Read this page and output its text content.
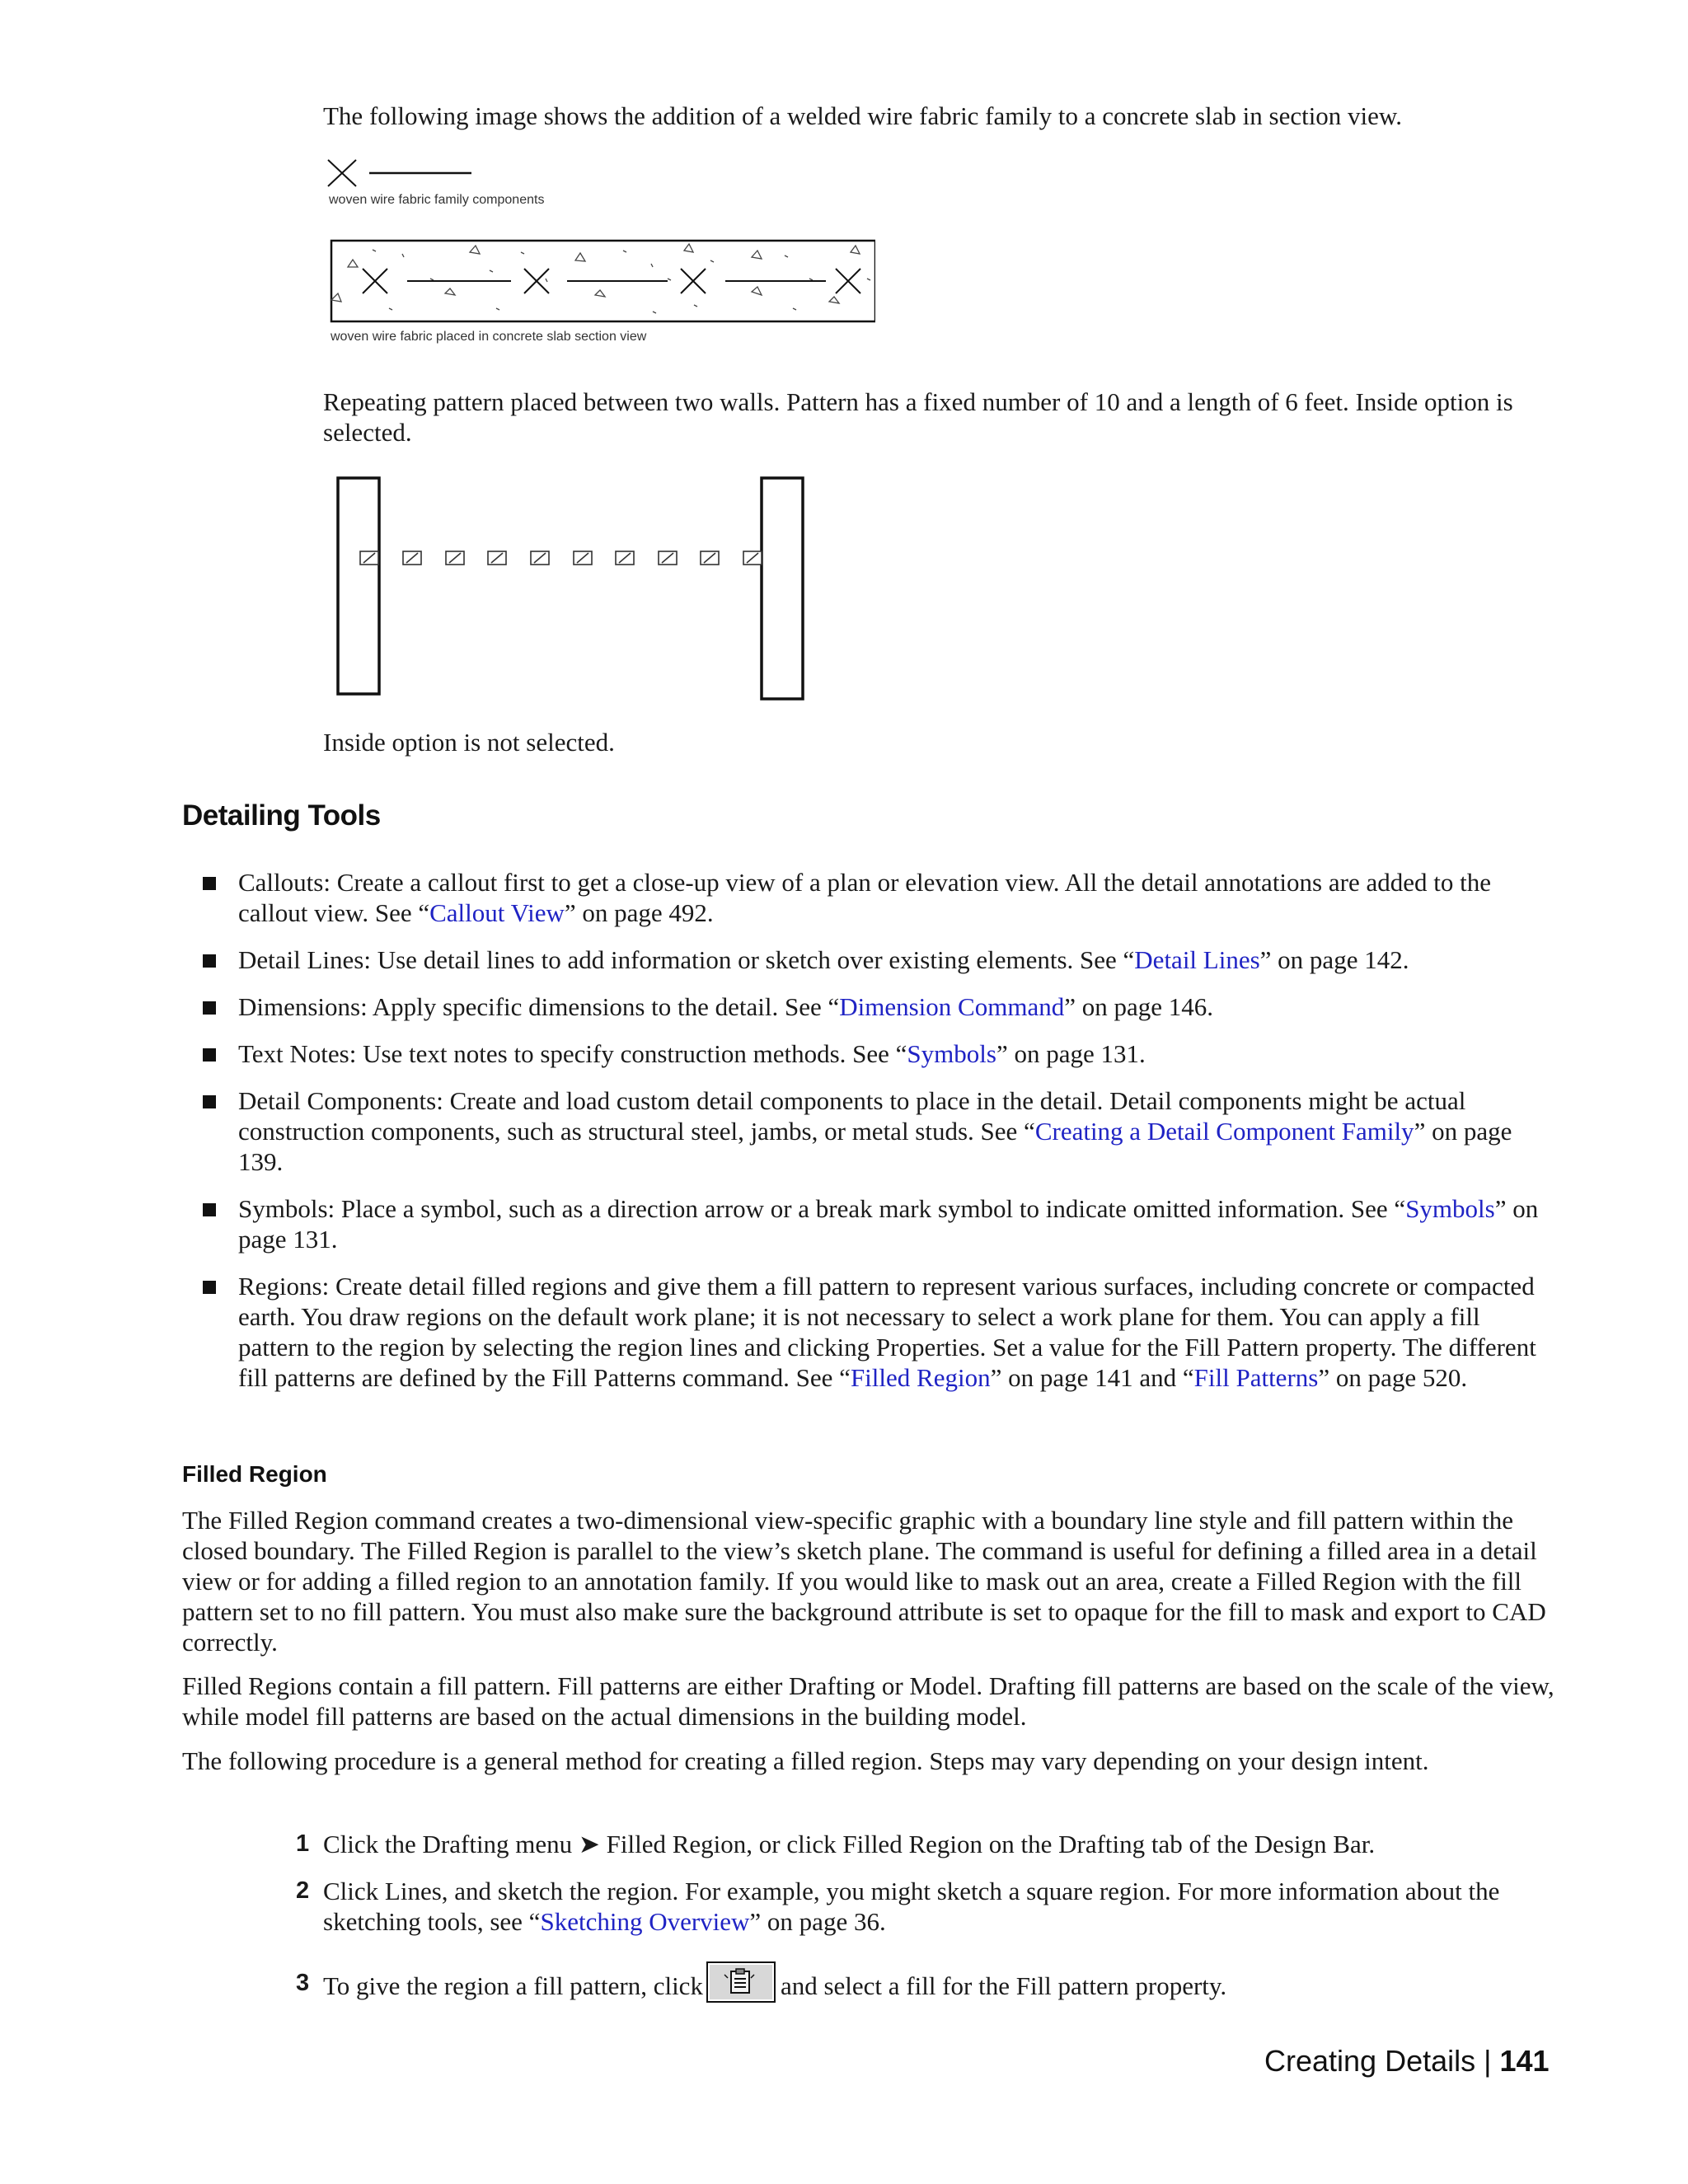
The following image shows the addition of a welded wire fabric family to a concrete slab in section view.

woven wire fabric family components
woven wire fabric placed in concrete slab section view

Repeating pattern placed between two walls. Pattern has a fixed number of 10 and a length of 6 feet. Inside option is selected.

Inside option is not selected.

Detailing Tools
Callouts: Create a callout first to get a close-up view of a plan or elevation view. All the detail annotations are added to the callout view. See “Callout View” on page 492.
Detail Lines: Use detail lines to add information or sketch over existing elements. See “Detail Lines” on page 142.
Dimensions: Apply specific dimensions to the detail. See “Dimension Command” on page 146.
Text Notes: Use text notes to specify construction methods. See “Symbols” on page 131.
Detail Components: Create and load custom detail components to place in the detail. Detail components might be actual construction components, such as structural steel, jambs, or metal studs. See “Creating a Detail Component Family” on page 139.
Symbols: Place a symbol, such as a direction arrow or a break mark symbol to indicate omitted information. See “Symbols” on page 131.
Regions: Create detail filled regions and give them a fill pattern to represent various surfaces, including concrete or compacted earth. You draw regions on the default work plane; it is not necessary to select a work plane for them. You can apply a fill pattern to the region by selecting the region lines and clicking Properties. Set a value for the Fill Pattern property. The different fill patterns are defined by the Fill Patterns command. See “Filled Region” on page 141 and “Fill Patterns” on page 520.
Filled Region

The Filled Region command creates a two-dimensional view-specific graphic with a boundary line style and fill pattern within the closed boundary. The Filled Region is parallel to the view’s sketch plane. The command is useful for defining a filled area in a detail view or for adding a filled region to an annotation family. If you would like to mask out an area, create a Filled Region with the fill pattern set to no fill pattern. You must also make sure the background attribute is set to opaque for the fill to mask and export to CAD correctly.

Filled Regions contain a fill pattern. Fill patterns are either Drafting or Model. Drafting fill patterns are based on the scale of the view, while model fill patterns are based on the actual dimensions in the building model.

The following procedure is a general method for creating a filled region. Steps may vary depending on your design intent.

1 Click the Drafting menu ➤ Filled Region, or click Filled Region on the Drafting tab of the Design Bar.
2 Click Lines, and sketch the region. For example, you might sketch a square region. For more information about the sketching tools, see “Sketching Overview” on page 36.
3 To give the region a fill pattern, click	and select a fill for the Fill pattern property.
Creating Details | 141
